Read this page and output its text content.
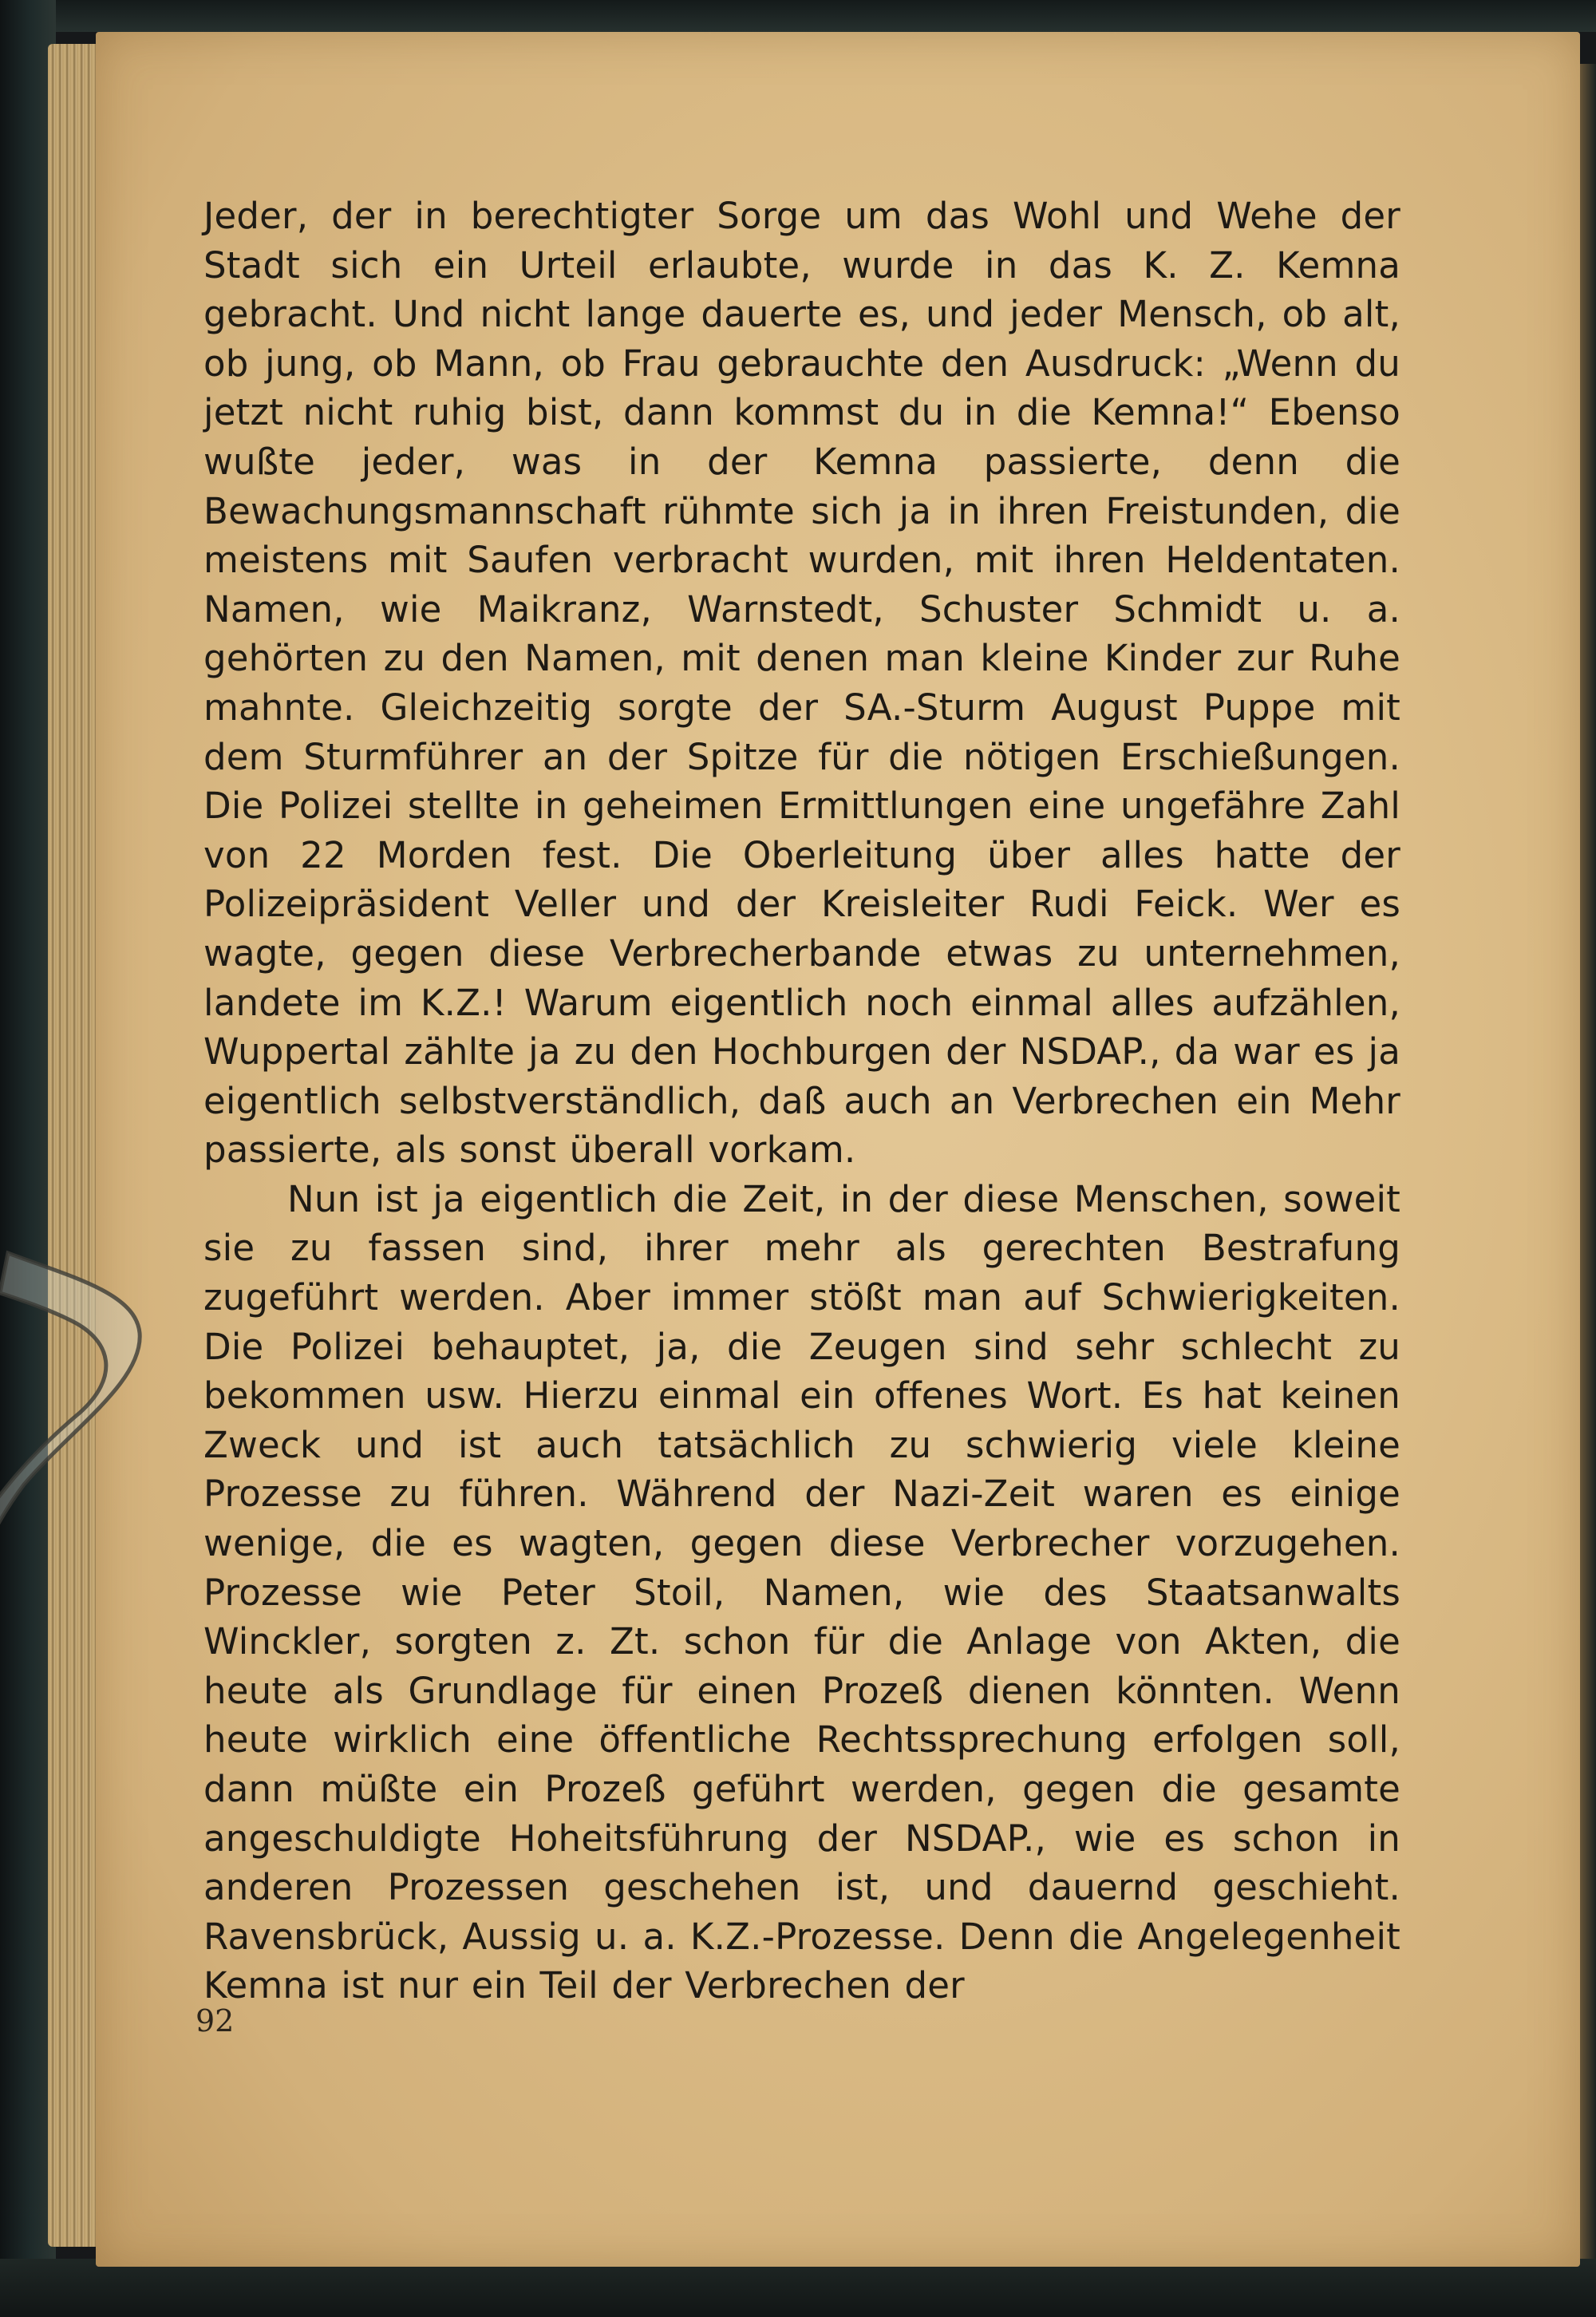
Jeder, der in berechtigter Sorge um das Wohl und Wehe der Stadt sich ein Urteil erlaubte, wurde in das K. Z. Kemna gebracht. Und nicht lange dauerte es, und jeder Mensch, ob alt, ob jung, ob Mann, ob Frau gebrauchte den Ausdruck: „Wenn du jetzt nicht ruhig bist, dann kommst du in die Kemna!“ Ebenso wußte jeder, was in der Kemna passierte, denn die Bewachungsmannschaft rühmte sich ja in ihren Freistunden, die meistens mit Saufen verbracht wurden, mit ihren Heldentaten. Namen, wie Maikranz, Warnstedt, Schuster Schmidt u. a. gehörten zu den Namen, mit denen man kleine Kinder zur Ruhe mahnte. Gleichzeitig sorgte der SA.-Sturm August Puppe mit dem Sturmführer an der Spitze für die nötigen Erschießungen. Die Polizei stellte in geheimen Ermittlungen eine ungefähre Zahl von 22 Morden fest. Die Oberleitung über alles hatte der Polizeipräsident Veller und der Kreisleiter Rudi Feick. Wer es wagte, gegen diese Verbrecherbande etwas zu unternehmen, landete im K.Z.! Warum eigentlich noch einmal alles aufzählen, Wuppertal zählte ja zu den Hochburgen der NSDAP., da war es ja eigentlich selbstverständlich, daß auch an Verbrechen ein Mehr passierte, als sonst überall vorkam.

Nun ist ja eigentlich die Zeit, in der diese Menschen, soweit sie zu fassen sind, ihrer mehr als gerechten Bestrafung zugeführt werden. Aber immer stößt man auf Schwierigkeiten. Die Polizei behauptet, ja, die Zeugen sind sehr schlecht zu bekommen usw. Hierzu einmal ein offenes Wort. Es hat keinen Zweck und ist auch tatsächlich zu schwierig viele kleine Prozesse zu führen. Während der Nazi-Zeit waren es einige wenige, die es wagten, gegen diese Verbrecher vorzugehen. Prozesse wie Peter Stoil, Namen, wie des Staatsanwalts Winckler, sorgten z. Zt. schon für die Anlage von Akten, die heute als Grundlage für einen Prozeß dienen könnten. Wenn heute wirklich eine öffentliche Rechtssprechung erfolgen soll, dann müßte ein Prozeß geführt werden, gegen die gesamte angeschuldigte Hoheitsführung der NSDAP., wie es schon in anderen Prozessen geschehen ist, und dauernd geschieht. Ravensbrück, Aussig u. a. K.Z.-Prozesse. Denn die Angelegenheit Kemna ist nur ein Teil der Verbrechen der

92
